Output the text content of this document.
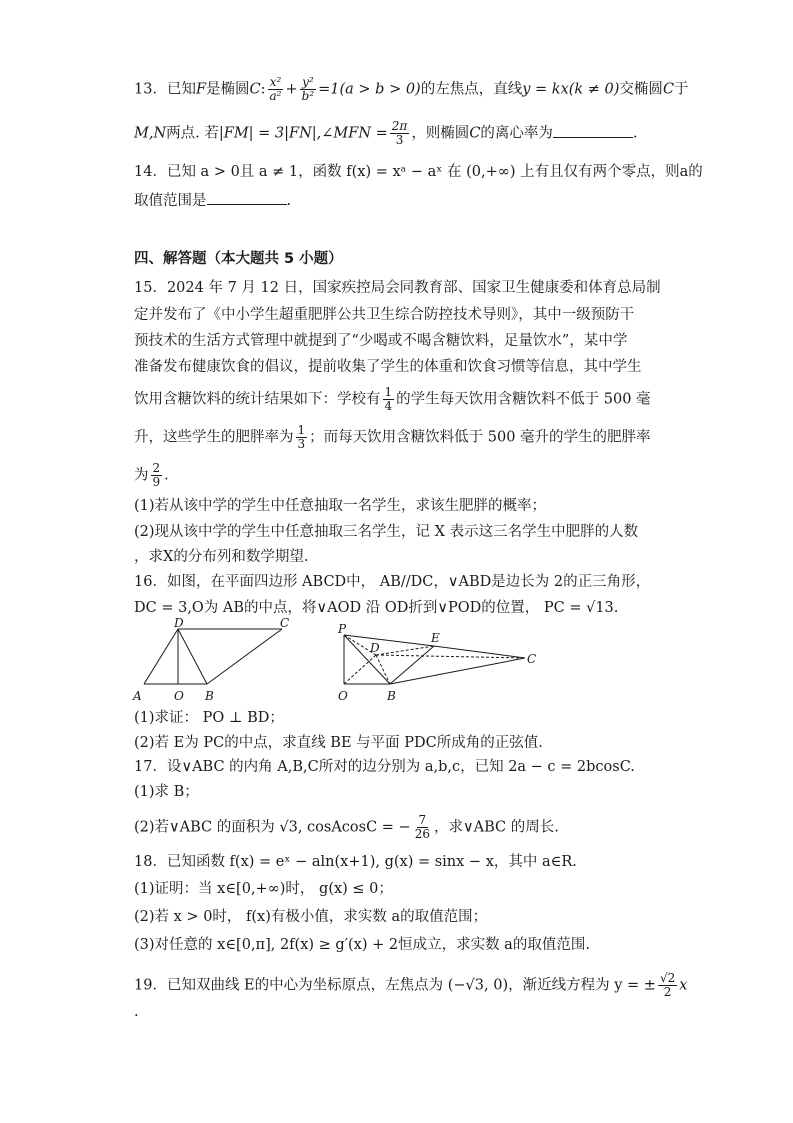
13．已知F是椭圆C: $\frac{\text{x²}}{\text{a²}} + \frac{\text{y²}}{\text{b²}} =1(a > b > 0)$的左焦点，直线y = kx(k ≠ 0)交椭圆C于
M,N两点. 若|FM| = 3|FN|,∠MFN = $\frac{2\pi}{3}$ ，则椭圆C的离心率为	.
14．已知 a > 0且 a ≠ 1，函数 f(x) = xᵃ − aˣ 在 (0,+∞) 上有且仅有两个零点，则a的
取值范围是	.
四、解答题（本大题共 5 小题）
15．2024 年 7 月 12 日，国家疾控局会同教育部、国家卫生健康委和体育总局制
定并发布了《中小学生超重肥胖公共卫生综合防控技术导则》，其中一级预防干
预技术的生活方式管理中就提到了“少喝或不喝含糖饮料，足量饮水”，某中学
准备发布健康饮食的倡议，提前收集了学生的体重和饮食习惯等信息，其中学生
饮用含糖饮料的统计结果如下：学校有 $\frac{1}{4}$ 的学生每天饮用含糖饮料不低于 500 毫
升，这些学生的肥胖率为 $\frac{1}{3}$ ；而每天饮用含糖饮料低于 500 毫升的学生的肥胖率
为 $\frac{2}{9}$ .
(1)若从该中学的学生中任意抽取一名学生，求该生肥胖的概率；
(2)现从该中学的学生中任意抽取三名学生，记 X 表示这三名学生中肥胖的人数
，求X的分布列和数学期望.
16．如图，在平面四边形 ABCD中， AB//DC，∨ABD是边长为 2的正三角形，
DC = 3,O为 AB的中点，将∨AOD 沿 OD折到∨POD的位置， PC = √13.
D	C
A	O B
P
D
E
C
O	B
(1)求证： PO ⊥ BD；
(2)若 E为 PC的中点，求直线 BE 与平面 PDC所成角的正弦值.
17．设∨ABC 的内角 A,B,C所对的边分别为 a,b,c，已知 2a − c = 2bcosC.
(1)求 B；
(2)若∨ABC 的面积为 √3, cosAcosC = − $\frac{7}{26}$ ，求∨ABC 的周长.
18．已知函数 f(x) = eˣ − aln(x+1), g(x) = sinx − x，其中 a∈R.
(1)证明：当 x∈[0,+∞)时， g(x) ≤ 0；
(2)若 x > 0时， f(x)有极小值，求实数 a的取值范围；
(3)对任意的 x∈[0,π], 2f(x) ≥ g′(x) + 2恒成立，求实数 a的取值范围.
19．已知双曲线 E的中心为坐标原点，左焦点为 (−√3, 0)，渐近线方程为 y = ± $\frac{√2}{2}$ x
.
